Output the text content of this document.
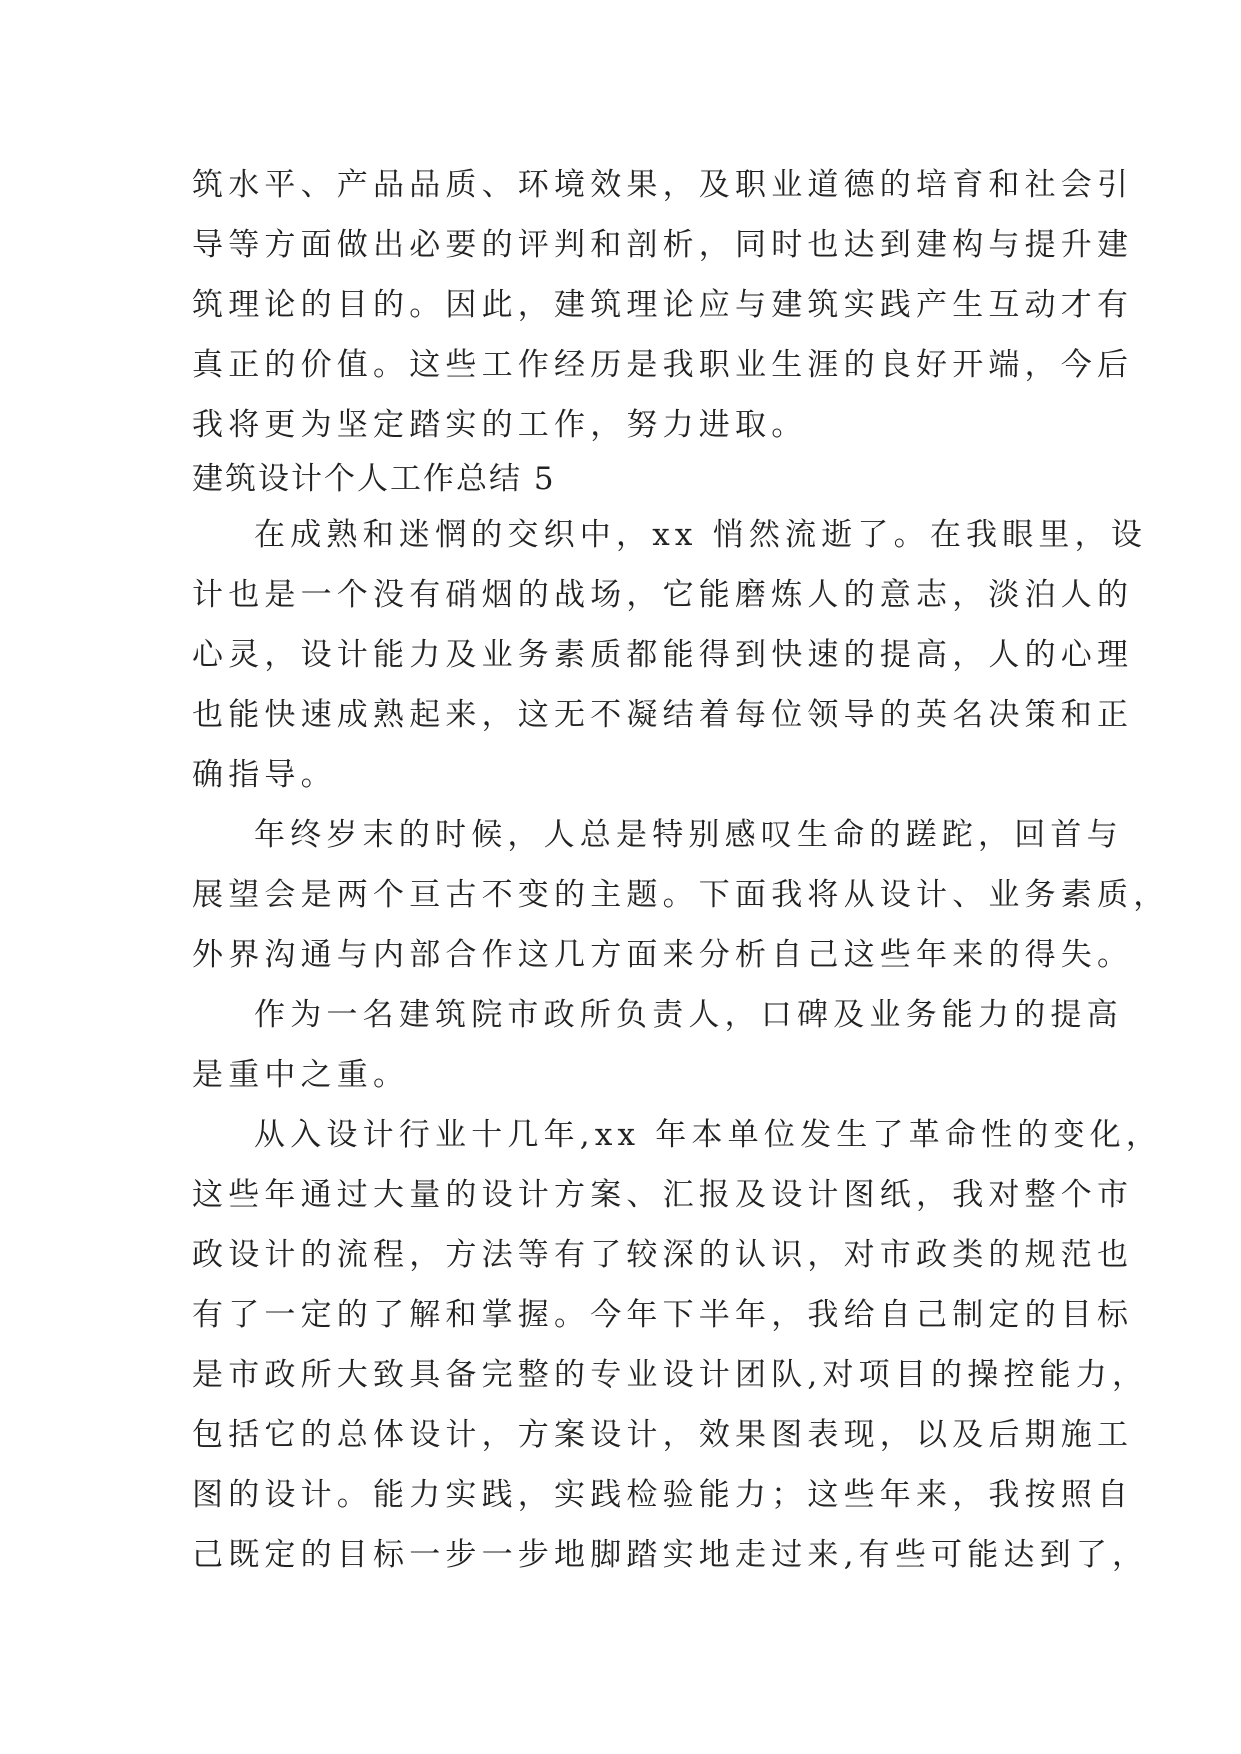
筑水平、产品品质、环境效果，及职业道德的培育和社会引
导等方面做出必要的评判和剖析，同时也达到建构与提升建
筑理论的目的。因此，建筑理论应与建筑实践产生互动才有
真正的价值。这些工作经历是我职业生涯的良好开端，今后
我将更为坚定踏实的工作，努力进取。
建筑设计个人工作总结 5
在成熟和迷惘的交织中，xx 悄然流逝了。在我眼里，设
计也是一个没有硝烟的战场，它能磨炼人的意志，淡泊人的
心灵，设计能力及业务素质都能得到快速的提高，人的心理
也能快速成熟起来，这无不凝结着每位领导的英名决策和正
确指导。
年终岁末的时候，人总是特别感叹生命的蹉跎，回首与
展望会是两个亘古不变的主题。下面我将从设计、业务素质，
外界沟通与内部合作这几方面来分析自己这些年来的得失。
作为一名建筑院市政所负责人，口碑及业务能力的提高
是重中之重。
从入设计行业十几年,xx 年本单位发生了革命性的变化，
这些年通过大量的设计方案、汇报及设计图纸，我对整个市
政设计的流程，方法等有了较深的认识，对市政类的规范也
有了一定的了解和掌握。今年下半年，我给自己制定的目标
是市政所大致具备完整的专业设计团队,对项目的操控能力，
包括它的总体设计，方案设计，效果图表现，以及后期施工
图的设计。能力实践，实践检验能力；这些年来，我按照自
己既定的目标一步一步地脚踏实地走过来,有些可能达到了，
